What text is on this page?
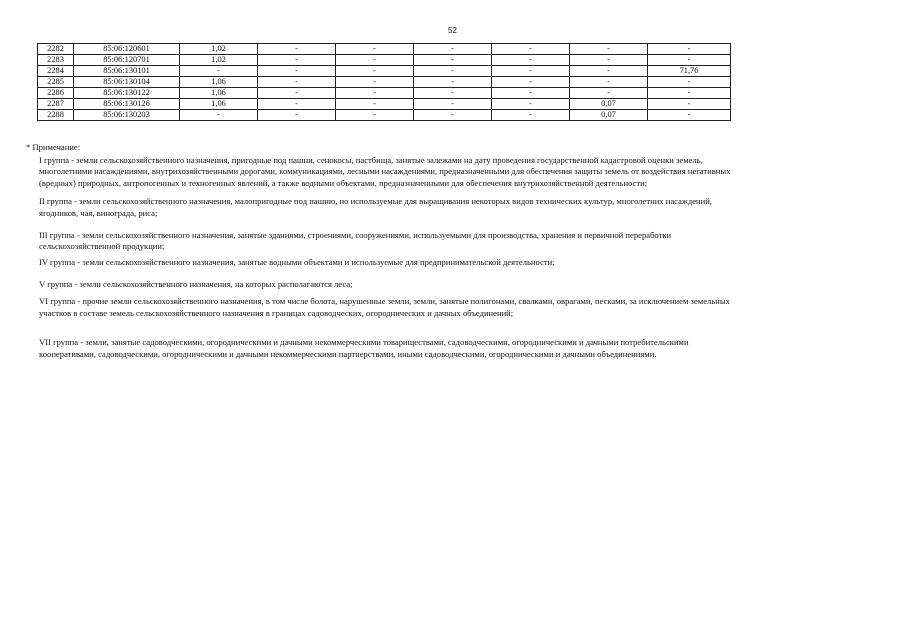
52
2282	85:06:120601	1,02	-	-	-	-	-	-
2283	85:06:120701	1,02	-	-	-	-	-	-
2284	85:06:130101	-	-	-	-	-	-	71,76
2285	85:06:130104	1,06	-	-	-	-	-	-
2286	85:06:130122	1,06	-	-	-	-	-	-
2287	85:06:130126	1,06	-	-	-	-	0,07	-
2288	85:06:130203	-	-	-	-	-	0,07	-
* Примечание:

I группа - земли сельскохозяйственного назначения, пригодные под пашни, сенокосы, пастбища, занятые залежами на дату проведения государственной кадастровой оценки земель, многолетними насаждениями, внутрихозяйственными дорогами, коммуникациями, лесными насаждениями, предназначенными для обеспечения защиты земель от воздействия негативных (вредных) природных, антропогенных и техногенных явлений, а также водными объектами, предназначенными для обеспечения внутрихозяйственной деятельности;

II группа - земли сельскохозяйственного назначения, малопригодные под пашню, но используемые для выращивания некоторых видов технических культур, многолетних насаждений, ягодников, чая, винограда, риса;

III группа - земли сельскохозяйственного назначения, занятые зданиями, строениями, сооружениями, используемыми для производства, хранения и первичной переработки сельскохозяйственной продукции;

IV группа - земли сельскохозяйственного назначения, занятые водными объектами и используемые для предпринимательской деятельности;

V группа - земли сельскохозяйственного назначения, на которых располагаются леса;

VI группа - прочие земли сельскохозяйственного назначения, в том числе болота, нарушенные земли, земли, занятые полигонами, свалками, оврагами, песками, за исключением земельных участков в составе земель сельскохозяйственного назначения в границах садоводческих, огороднических и дачных объединений;

VII группа - земли, занятые садоводческими, огородническими и дачными некоммерческими товариществами, садоводческими, огородническими и дачными потребительскими кооперативами, садоводческими, огородническими и дачными некоммерческими партнерствами, иными садоводческими, огородническими и дачными объединениями.
